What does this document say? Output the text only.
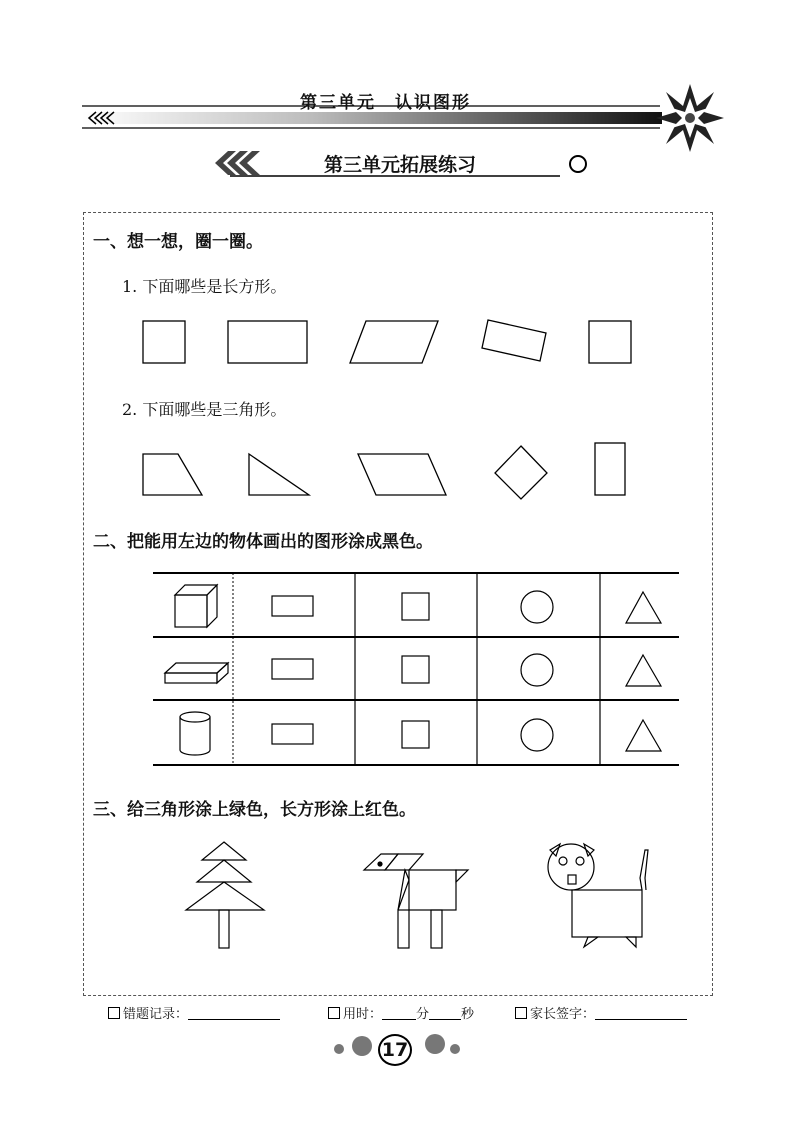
第三单元　认识图形
第三单元拓展练习
一、想一想，圈一圈。
1. 下面哪些是长方形。
2. 下面哪些是三角形。
二、把能用左边的物体画出的图形涂成黑色。
三、给三角形涂上绿色，长方形涂上红色。
错题记录：	用时：	分 秒	家长签字：
17
